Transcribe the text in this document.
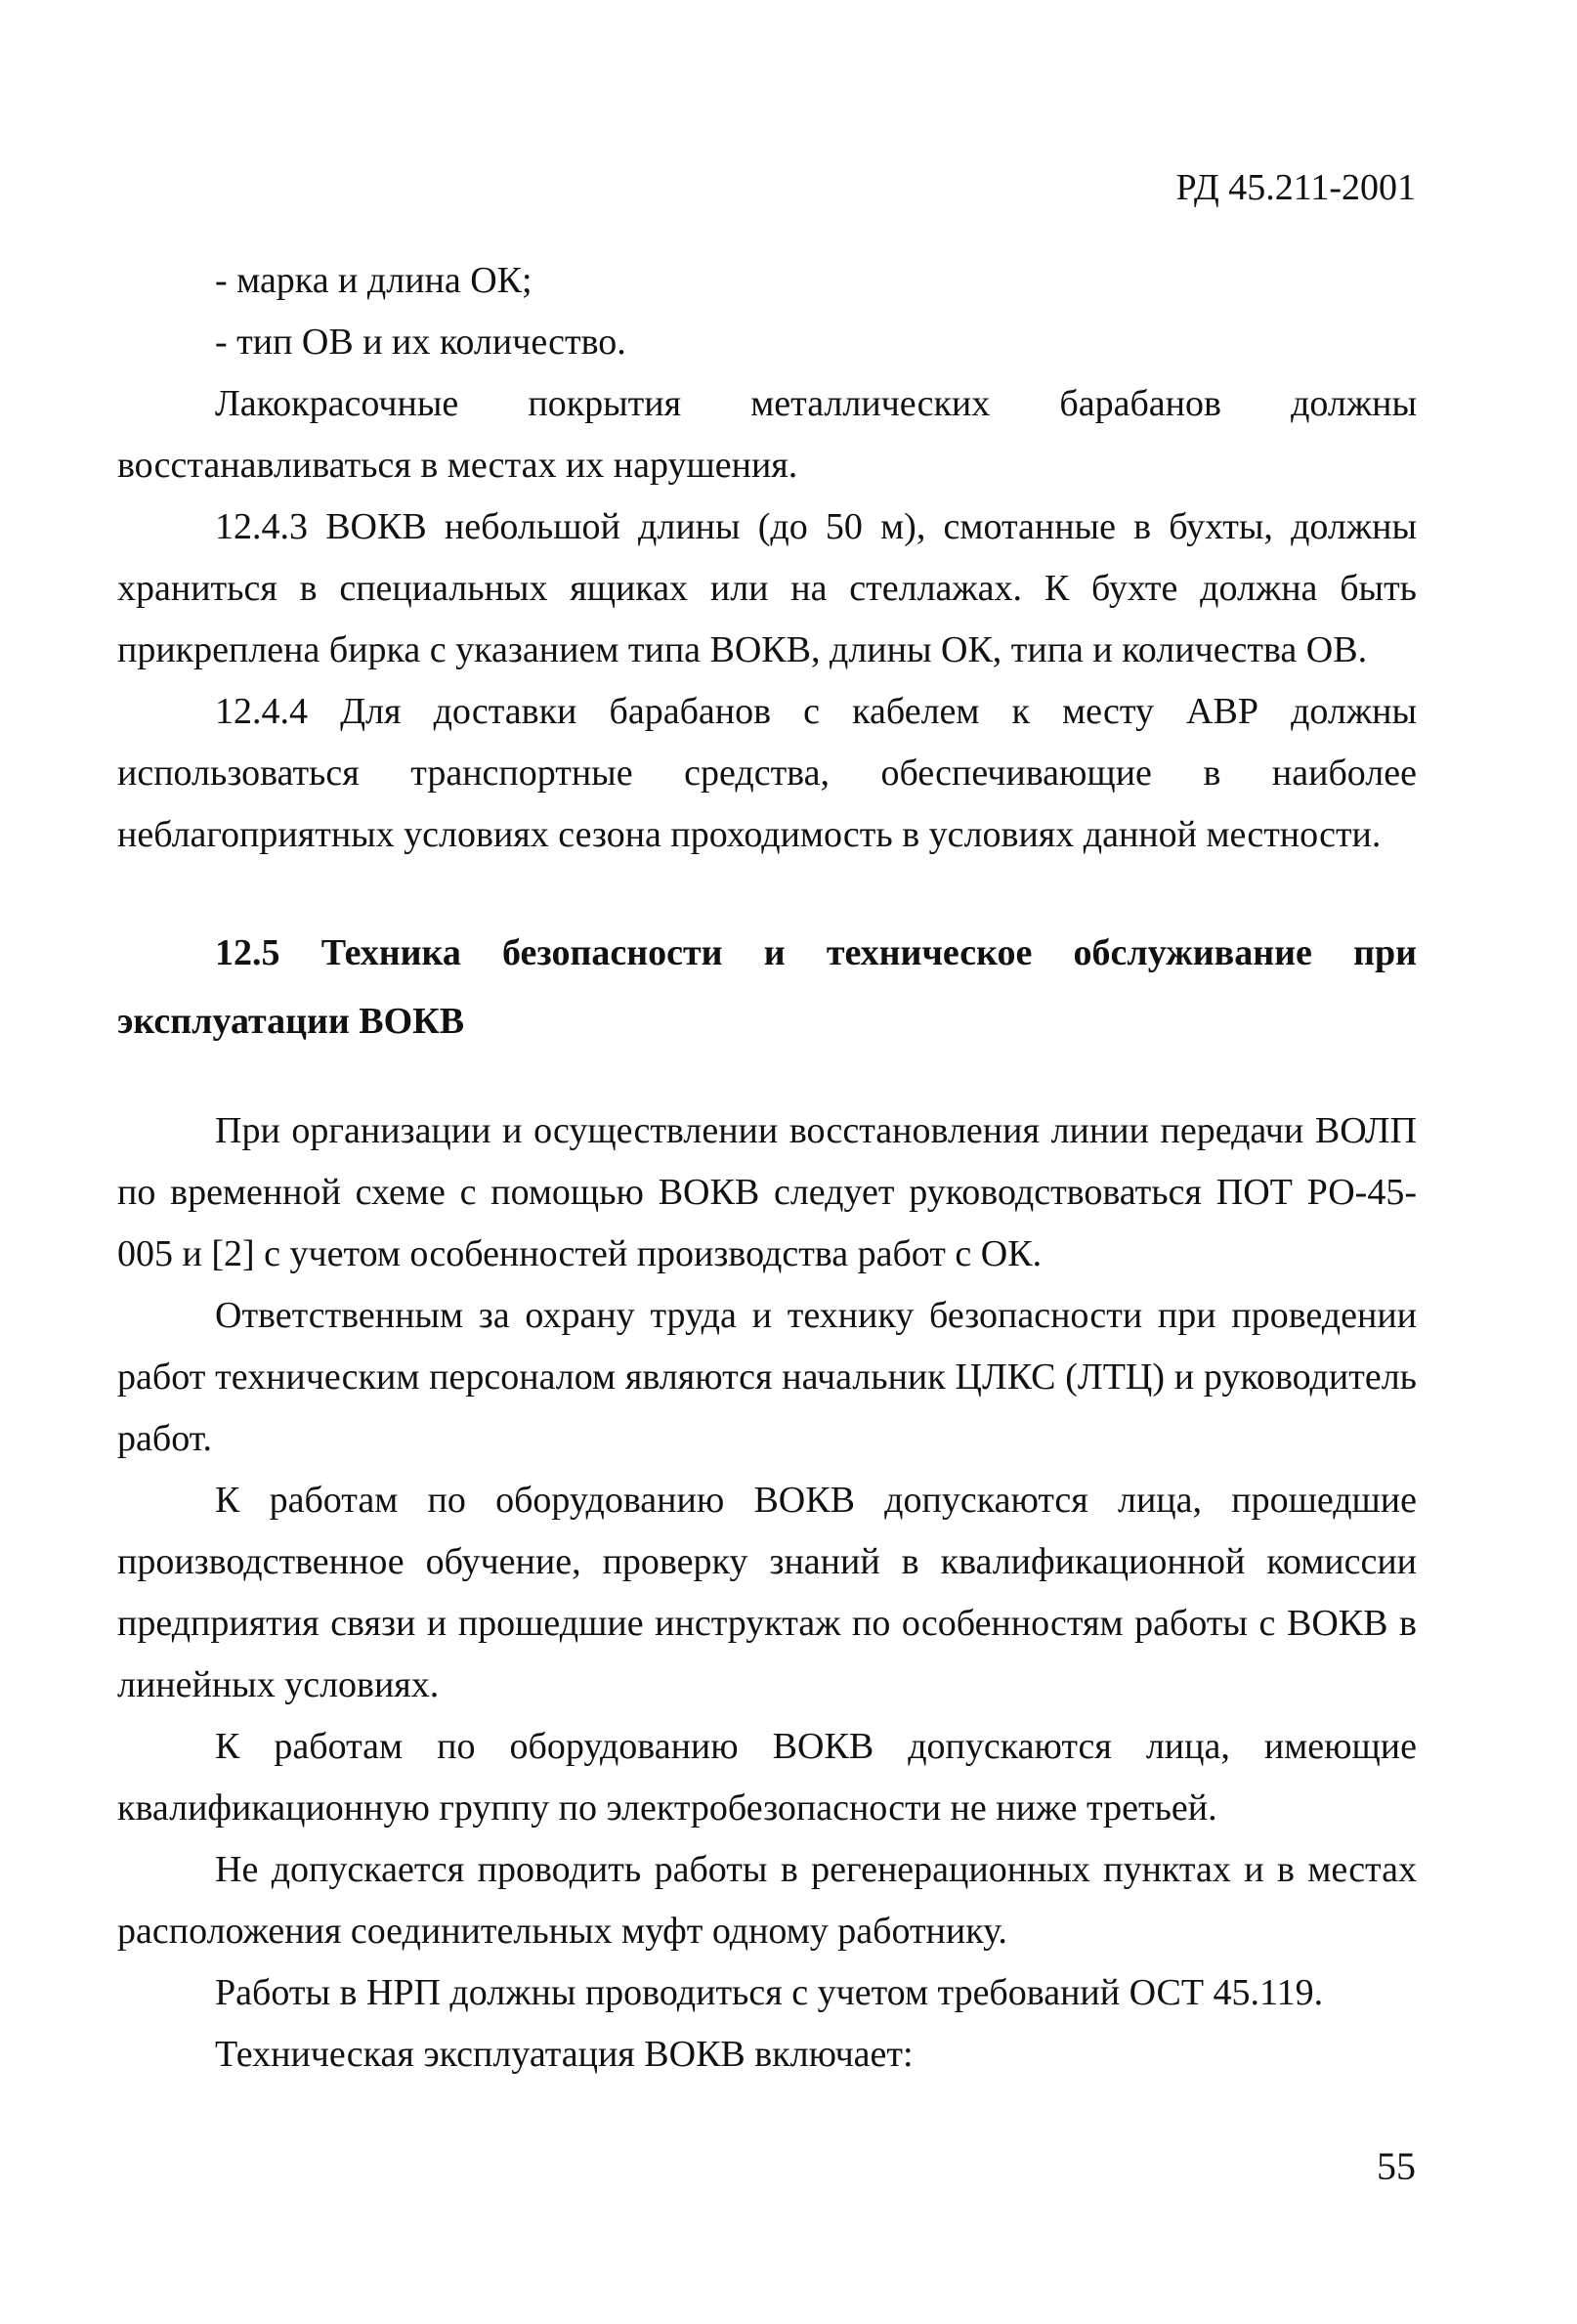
РД 45.211-2001

- марка и длина ОК;

- тип ОВ и их количество.

Лакокрасочные покрытия металлических барабанов должны восстанавливаться в местах их нарушения.

12.4.3 ВОКВ небольшой длины (до 50 м), смотанные в бухты, должны храниться в специальных ящиках или на стеллажах. К бухте должна быть прикреплена бирка с указанием типа ВОКВ, длины ОК, типа и количества ОВ.

12.4.4 Для доставки барабанов с кабелем к месту АВР должны использоваться транспортные средства, обеспечивающие в наиболее неблагоприятных условиях сезона проходимость в условиях данной местности.

12.5 Техника безопасности и техническое обслуживание при эксплуатации ВОКВ

При организации и осуществлении восстановления линии передачи ВОЛП по временной схеме с помощью ВОКВ следует руководствоваться ПОТ РО-45-005 и [2] с учетом особенностей производства работ с ОК.

Ответственным за охрану труда и технику безопасности при проведении работ техническим персоналом являются начальник ЦЛКС (ЛТЦ) и руководитель работ.

К работам по оборудованию ВОКВ допускаются лица, прошедшие производственное обучение, проверку знаний в квалификационной комиссии предприятия связи и прошедшие инструктаж по особенностям работы с ВОКВ в линейных условиях.

К работам по оборудованию ВОКВ допускаются лица, имеющие квалификационную группу по электробезопасности не ниже третьей.

Не допускается проводить работы в регенерационных пунктах и в местах расположения соединительных муфт одному работнику.

Работы в НРП должны проводиться с учетом требований ОСТ 45.119.

Техническая эксплуатация ВОКВ включает:

55
